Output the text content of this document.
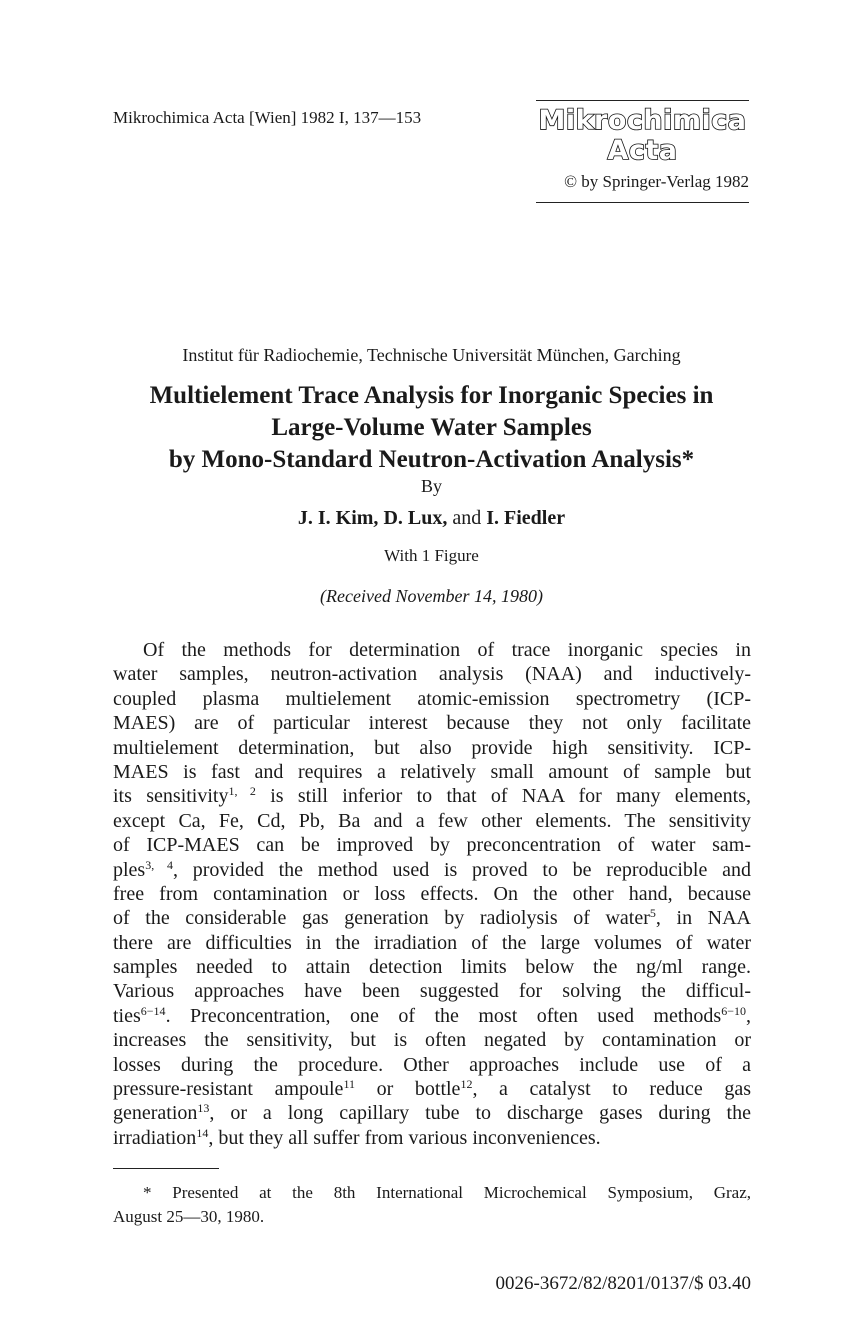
Mikrochimica Acta [Wien] 1982 I, 137—153	Mikrochimica Acta
© by Springer-Verlag 1982
Institut für Radiochemie, Technische Universität München, Garching
Multielement Trace Analysis for Inorganic Species in
Large-Volume Water Samples
by Mono-Standard Neutron-Activation Analysis*
By
J. I. Kim, D. Lux, and I. Fiedler
With 1 Figure
(Received November 14, 1980)
Of the methods for determination of trace inorganic species in
water samples, neutron-activation analysis (NAA) and inductively-
coupled plasma multielement atomic-emission spectrometry (ICP-
MAES) are of particular interest because they not only facilitate
multielement determination, but also provide high sensitivity. ICP-
MAES is fast and requires a relatively small amount of sample but
its sensitivity$^{1, 2}$ is still inferior to that of NAA for many elements,
except Ca, Fe, Cd, Pb, Ba and a few other elements. The sensitivity
of ICP-MAES can be improved by preconcentration of water sam-
ples$^{3, 4}$, provided the method used is proved to be reproducible and
free from contamination or loss effects. On the other hand, because
of the considerable gas generation by radiolysis of water$^5$, in NAA
there are difficulties in the irradiation of the large volumes of water
samples needed to attain detection limits below the ng/ml range.
Various approaches have been suggested for solving the difficul-
ties$^{6-14}$. Preconcentration, one of the most often used methods$^{6-10}$,
increases the sensitivity, but is often negated by contamination or
losses during the procedure. Other approaches include use of a
pressure-resistant ampoule$^{11}$ or bottle$^{12}$, a catalyst to reduce gas
generation$^{13}$, or a long capillary tube to discharge gases during the
irradiation$^{14}$, but they all suffer from various inconveniences.
* Presented at the 8th International Microchemical Symposium, Graz,
August 25—30, 1980.
0026-3672/82/8201/0137/$ 03.40
